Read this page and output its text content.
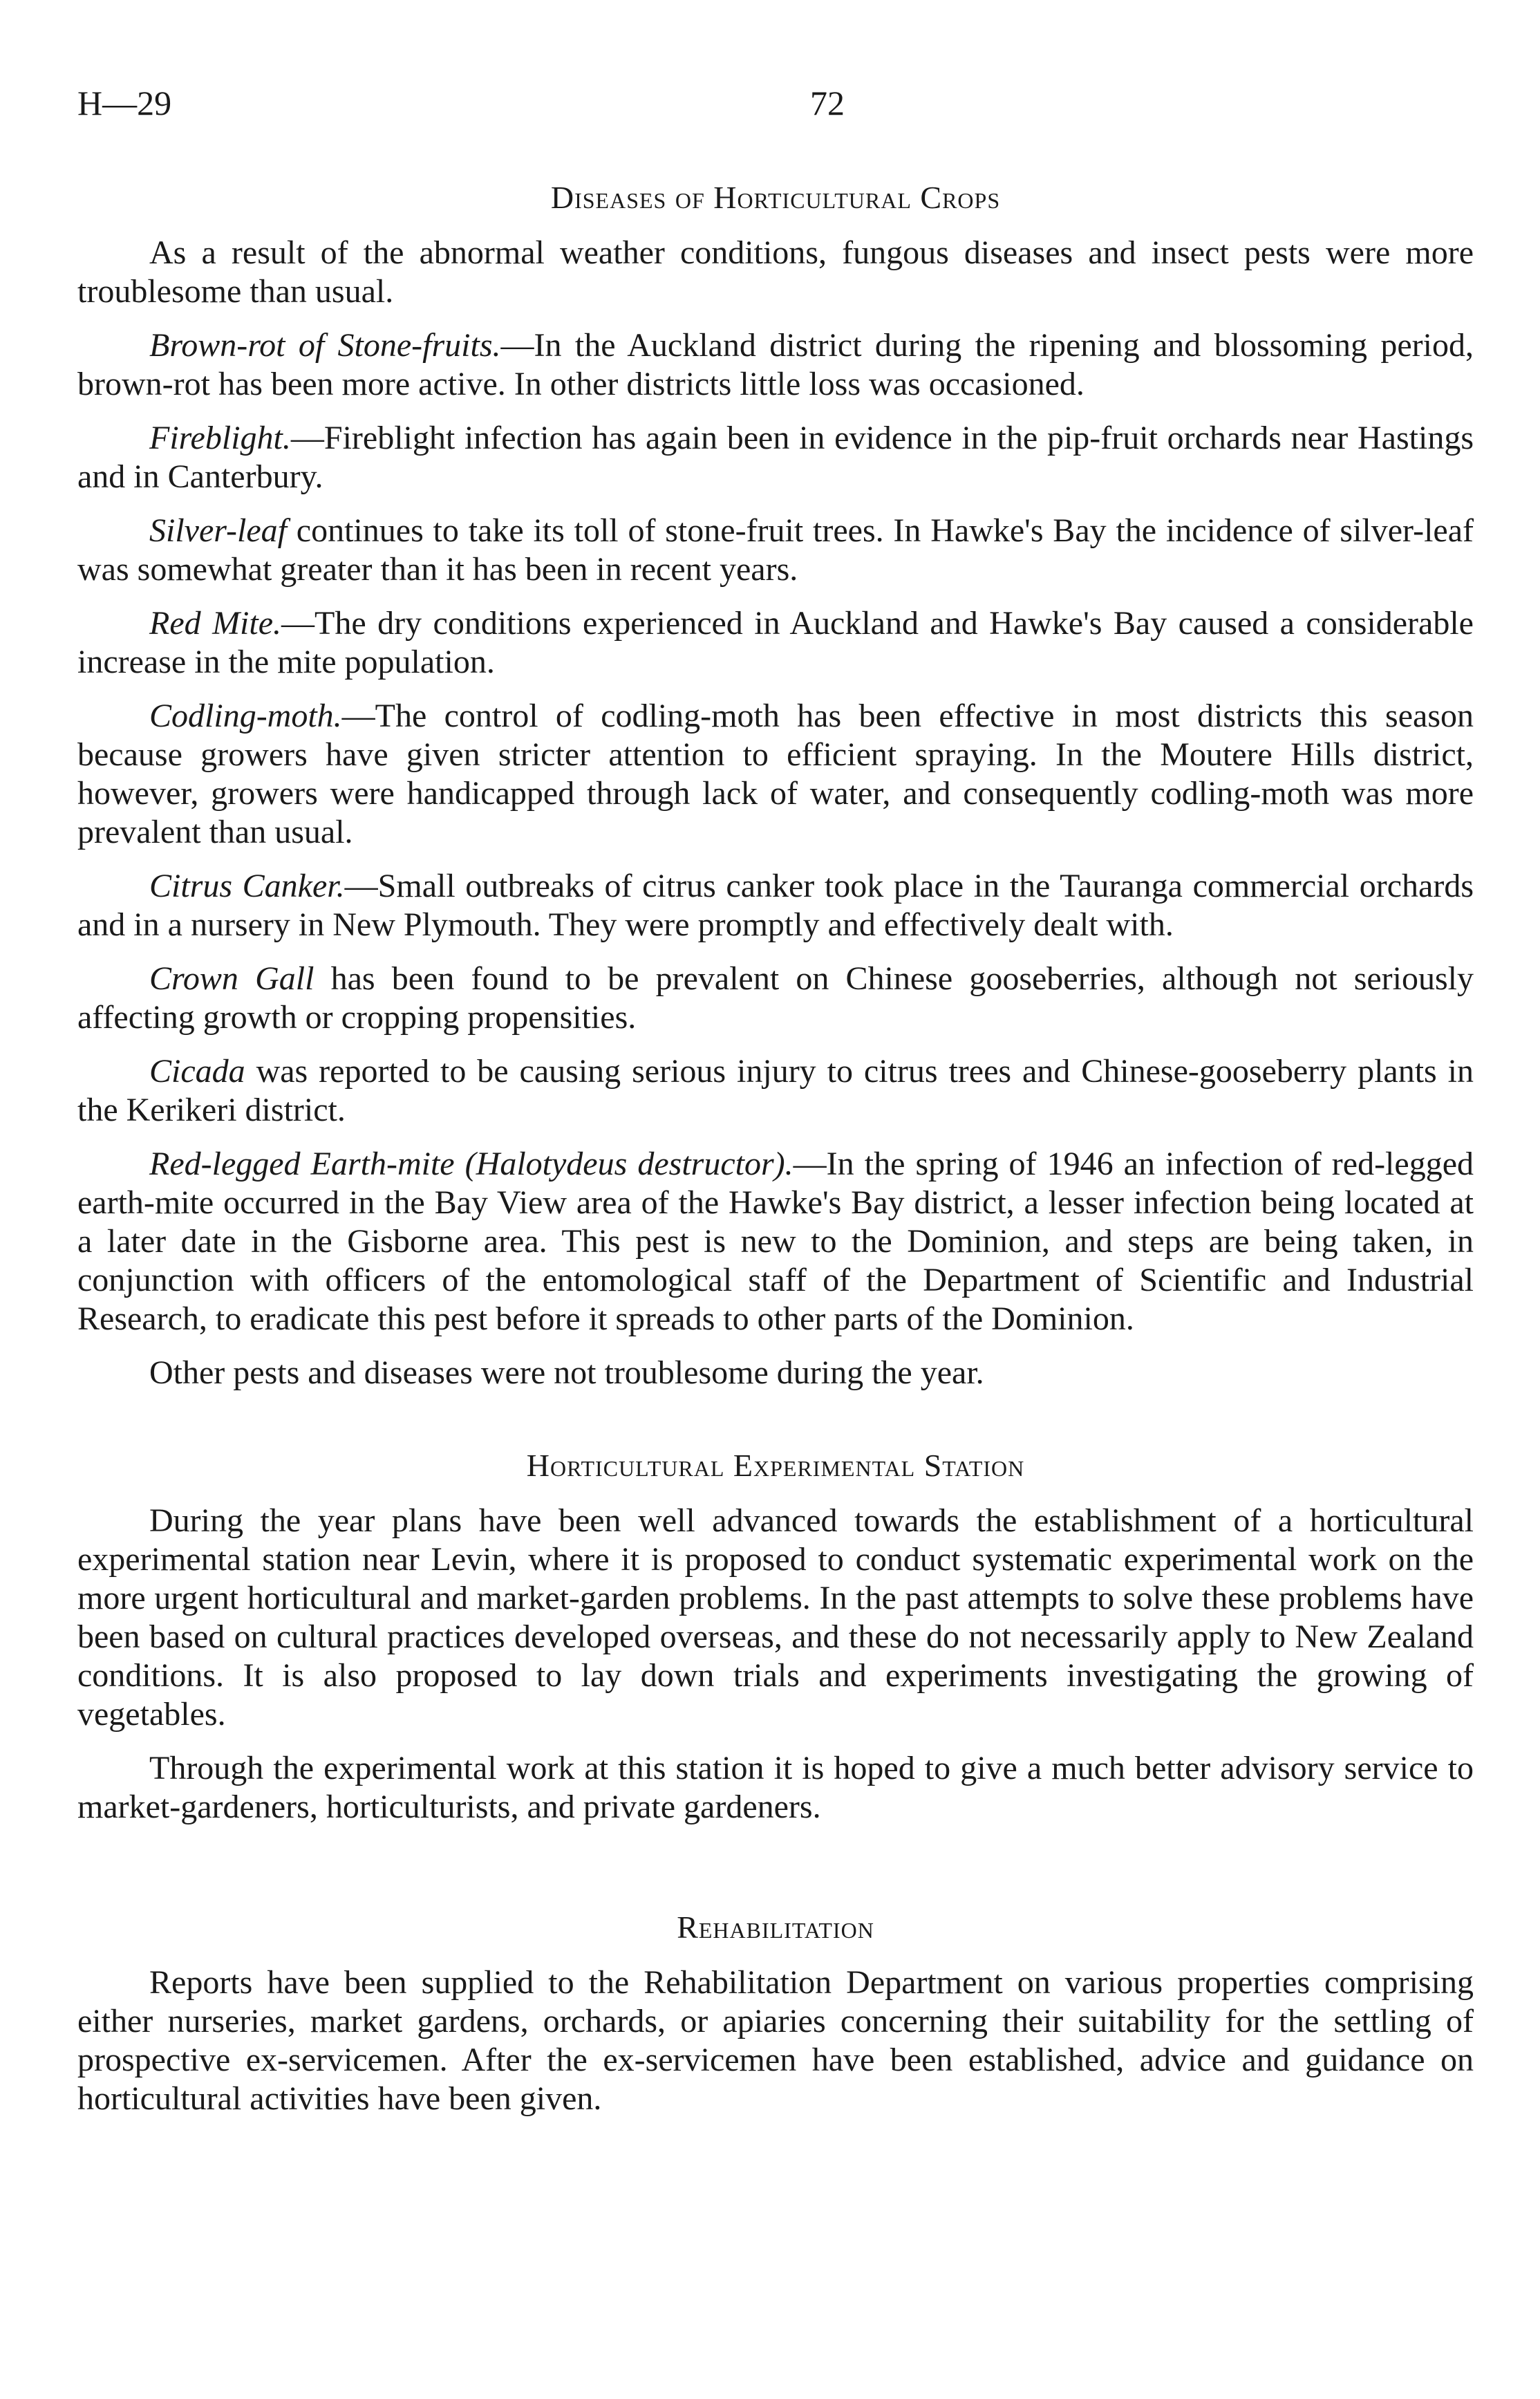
H—29	72
Diseases of Horticultural Crops

As a result of the abnormal weather conditions, fungous diseases and insect pests were more troublesome than usual.

Brown-rot of Stone-fruits.—In the Auckland district during the ripening and blossoming period, brown-rot has been more active. In other districts little loss was occasioned.

Fireblight.—Fireblight infection has again been in evidence in the pip-fruit orchards near Hastings and in Canterbury.

Silver-leaf continues to take its toll of stone-fruit trees. In Hawke's Bay the incidence of silver-leaf was somewhat greater than it has been in recent years.

Red Mite.—The dry conditions experienced in Auckland and Hawke's Bay caused a considerable increase in the mite population.

Codling-moth.—The control of codling-moth has been effective in most districts this season because growers have given stricter attention to efficient spraying. In the Moutere Hills district, however, growers were handicapped through lack of water, and consequently codling-moth was more prevalent than usual.

Citrus Canker.—Small outbreaks of citrus canker took place in the Tauranga commercial orchards and in a nursery in New Plymouth. They were promptly and effectively dealt with.

Crown Gall has been found to be prevalent on Chinese gooseberries, although not seriously affecting growth or cropping propensities.

Cicada was reported to be causing serious injury to citrus trees and Chinese-gooseberry plants in the Kerikeri district.

Red-legged Earth-mite (Halotydeus destructor).—In the spring of 1946 an infection of red-legged earth-mite occurred in the Bay View area of the Hawke's Bay district, a lesser infection being located at a later date in the Gisborne area. This pest is new to the Dominion, and steps are being taken, in conjunction with officers of the entomological staff of the Department of Scientific and Industrial Research, to eradicate this pest before it spreads to other parts of the Dominion.

Other pests and diseases were not troublesome during the year.

Horticultural Experimental Station

During the year plans have been well advanced towards the establishment of a horticultural experimental station near Levin, where it is proposed to conduct systematic experimental work on the more urgent horticultural and market-garden problems. In the past attempts to solve these problems have been based on cultural practices developed overseas, and these do not necessarily apply to New Zealand conditions. It is also proposed to lay down trials and experiments investigating the growing of vegetables.

Through the experimental work at this station it is hoped to give a much better advisory service to market-gardeners, horticulturists, and private gardeners.

Rehabilitation

Reports have been supplied to the Rehabilitation Department on various properties comprising either nurseries, market gardens, orchards, or apiaries concerning their suitability for the settling of prospective ex-servicemen. After the ex-servicemen have been established, advice and guidance on horticultural activities have been given.
